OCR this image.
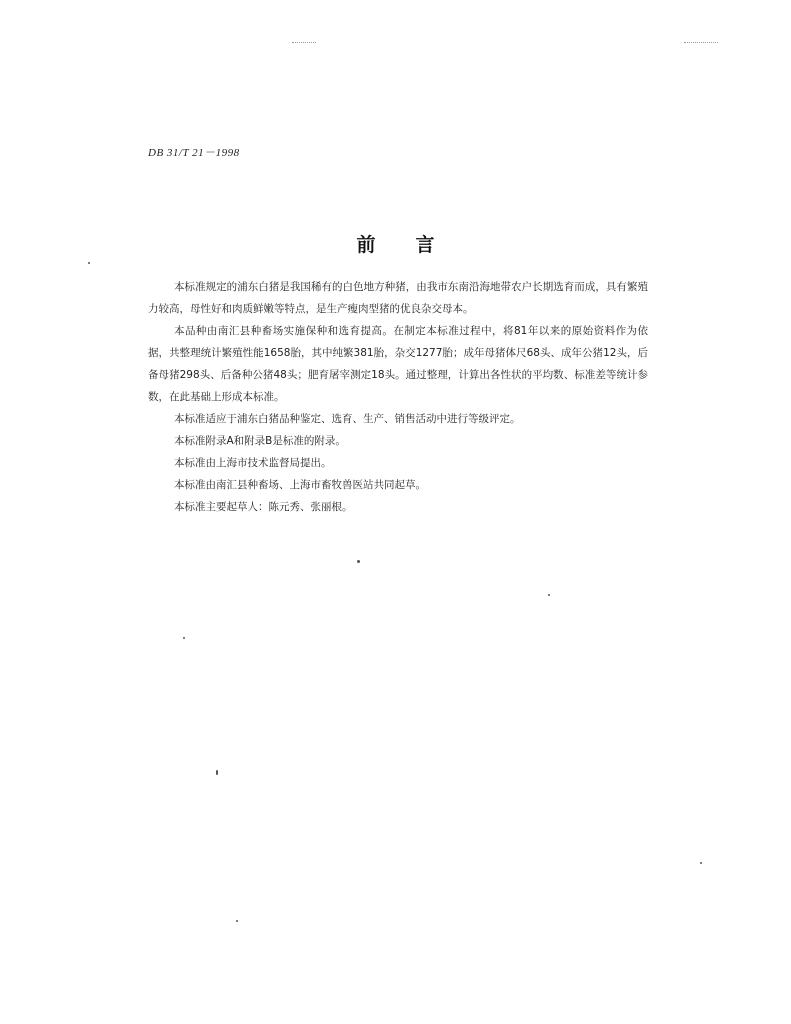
DB 31/T 21－1998
前言

本标准规定的浦东白猪是我国稀有的白色地方种猪，由我市东南沿海地带农户长期选育而成，具有繁殖力较高，母性好和肉质鲜嫩等特点，是生产瘦肉型猪的优良杂交母本。

本品种由南汇县种畜场实施保种和选育提高。在制定本标准过程中，将81年以来的原始资料作为依据，共整理统计繁殖性能1658胎，其中纯繁381胎，杂交1277胎；成年母猪体尺68头、成年公猪12头，后备母猪298头、后备种公猪48头；肥育屠宰测定18头。通过整理，计算出各性状的平均数、标准差等统计参数，在此基础上形成本标准。

本标准适应于浦东白猪品种鉴定、选育、生产、销售活动中进行等级评定。

本标准附录A和附录B是标准的附录。

本标准由上海市技术监督局提出。

本标准由南汇县种畜场、上海市畜牧兽医站共同起草。

本标准主要起草人：陈元秀、张丽根。
